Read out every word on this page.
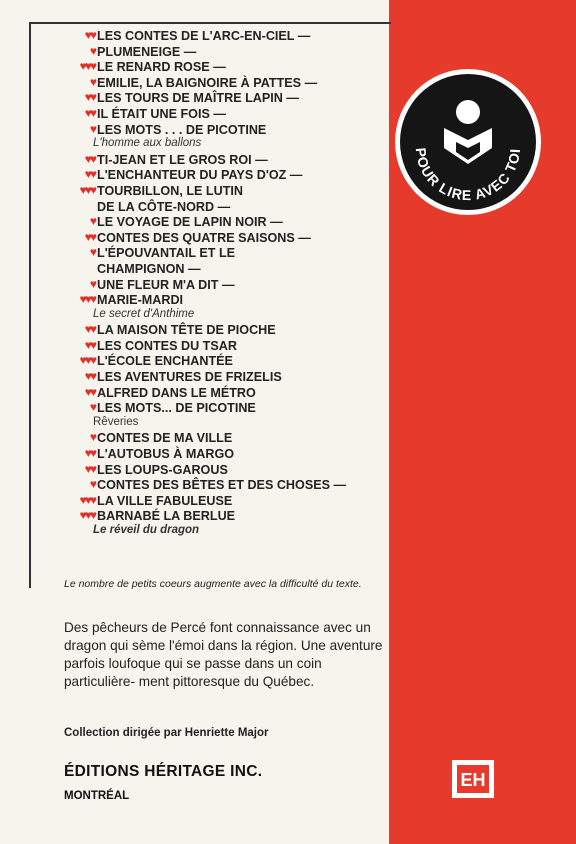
♥♥ LES CONTES DE L'ARC-EN-CIEL —
♥ PLUMENEIGE —
♥♥♥ LE RENARD ROSE —
♥ EMILIE, LA BAIGNOIRE À PATTES —
♥♥ LES TOURS DE MAÎTRE LAPIN —
♥♥ IL ÉTAIT UNE FOIS —
♥ LES MOTS . . . DE PICOTINE
L'homme aux ballons
♥♥ TI-JEAN ET LE GROS ROI —
♥♥ L'ENCHANTEUR DU PAYS D'OZ —
♥♥♥ TOURBILLON, LE LUTIN
DE LA CÔTE-NORD —
♥ LE VOYAGE DE LAPIN NOIR —
♥♥ CONTES DES QUATRE SAISONS —
♥ L'ÉPOUVANTAIL ET LE
CHAMPIGNON —
♥ UNE FLEUR M'A DIT —
♥♥♥ MARIE-MARDI
Le secret d'Anthime
♥♥ LA MAISON TÊTE DE PIOCHE
♥♥ LES CONTES DU TSAR
♥♥♥ L'ÉCOLE ENCHANTÉE
♥♥ LES AVENTURES DE FRIZELIS
♥♥ ALFRED DANS LE MÉTRO
♥ LES MOTS... DE PICOTINE
Rêveries
♥ CONTES DE MA VILLE
♥♥ L'AUTOBUS À MARGO
♥♥ LES LOUPS-GAROUS
♥ CONTES DES BÊTES ET DES CHOSES —
♥♥♥ LA VILLE FABULEUSE
♥♥♥ BARNABÉ LA BERLUE
Le réveil du dragon
Le nombre de petits coeurs augmente avec la difficulté du texte.
Des pêcheurs de Percé font connaissance avec un dragon qui sème l'émoi dans la région. Une aventure parfois loufoque qui se passe dans un coin particulière- ment pittoresque du Québec.
Collection dirigée par Henriette Major
ÉDITIONS HÉRITAGE INC.
MONTRÉAL
POUR LIRE AVEC TOI
EH
